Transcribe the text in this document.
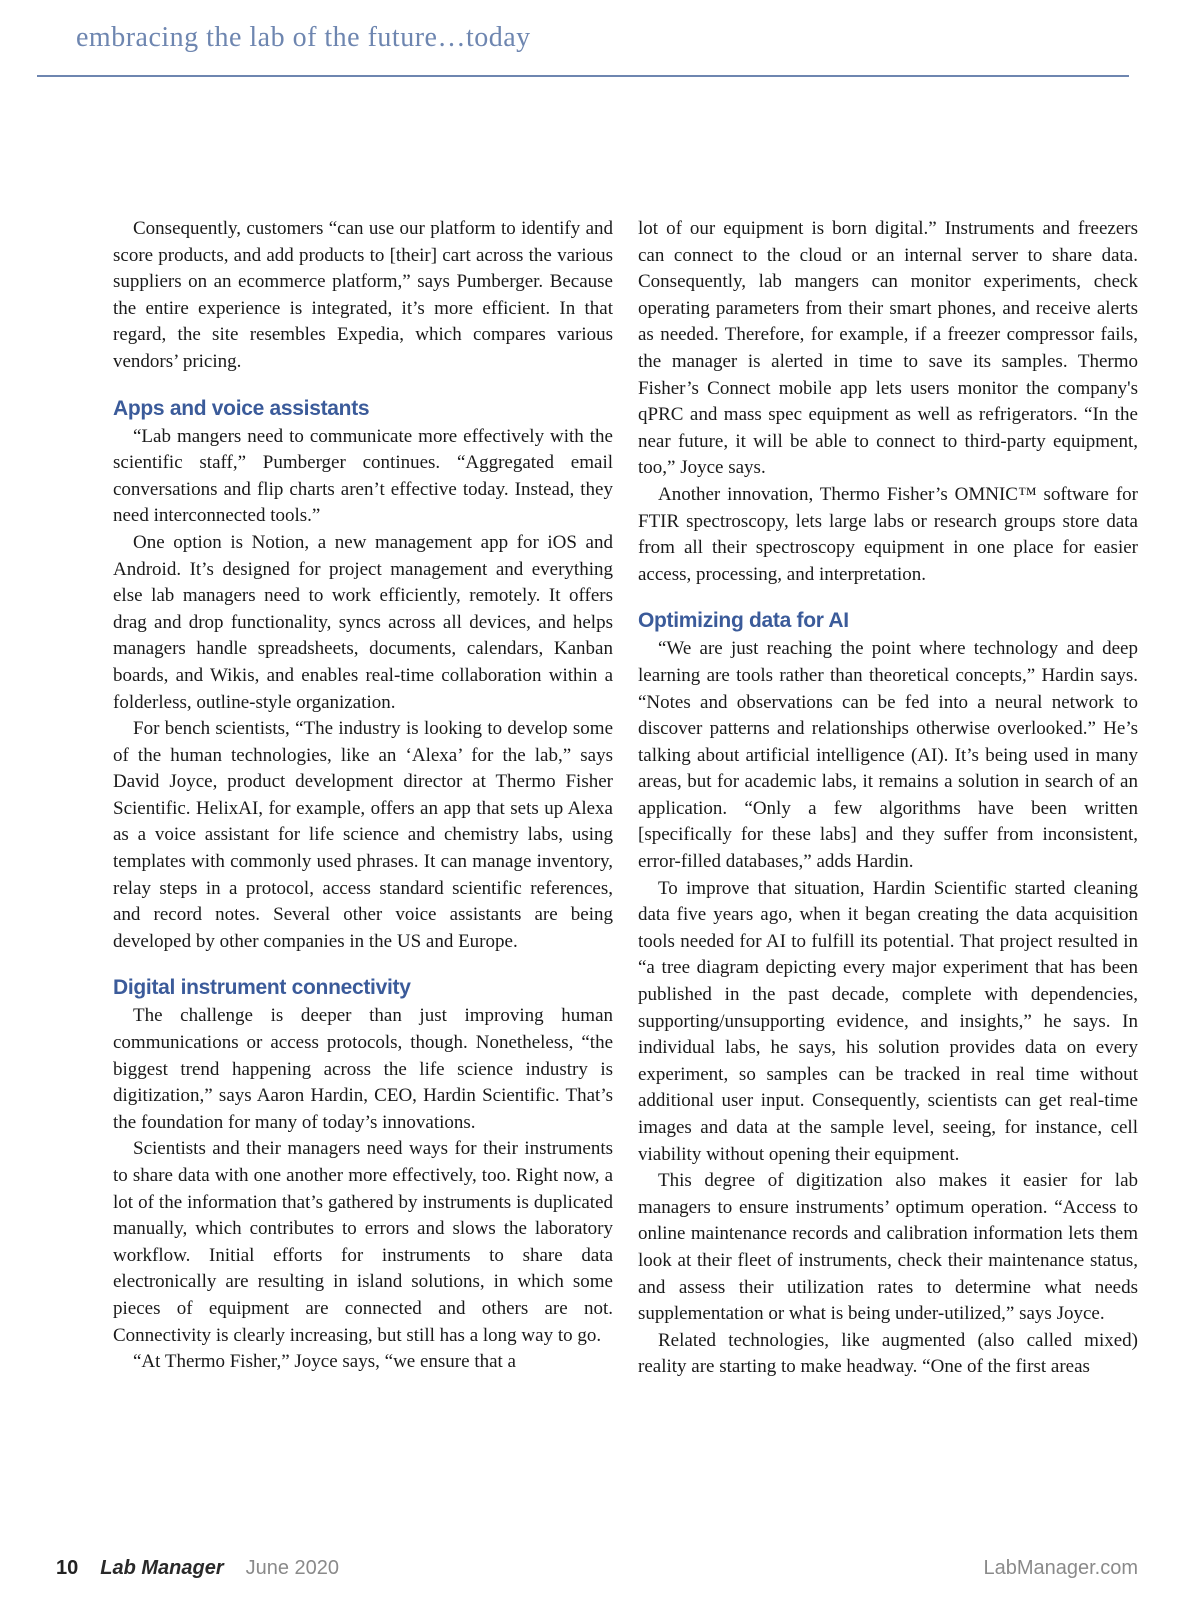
embracing the lab of the future…today

Consequently, customers “can use our platform to identify and score products, and add products to [their] cart across the various suppliers on an ecommerce platform,” says Pumberger. Because the entire experience is integrated, it’s more efficient. In that regard, the site resembles Expedia, which compares various vendors’ pricing.

Apps and voice assistants

“Lab mangers need to communicate more effectively with the scientific staff,” Pumberger continues. “Aggregated email conversations and flip charts aren’t effective today. Instead, they need interconnected tools.”

One option is Notion, a new management app for iOS and Android. It’s designed for project management and everything else lab managers need to work efficiently, remotely. It offers drag and drop functionality, syncs across all devices, and helps managers handle spreadsheets, documents, calendars, Kanban boards, and Wikis, and enables real-time collaboration within a folderless, outline-style organization.

For bench scientists, “The industry is looking to develop some of the human technologies, like an ‘Alexa’ for the lab,” says David Joyce, product development director at Thermo Fisher Scientific. HelixAI, for example, offers an app that sets up Alexa as a voice assistant for life science and chemistry labs, using templates with commonly used phrases. It can manage inventory, relay steps in a protocol, access standard scientific references, and record notes. Several other voice assistants are being developed by other companies in the US and Europe.

Digital instrument connectivity

The challenge is deeper than just improving human communications or access protocols, though. Nonetheless, “the biggest trend happening across the life science industry is digitization,” says Aaron Hardin, CEO, Hardin Scientific. That’s the foundation for many of today’s innovations.

Scientists and their managers need ways for their instruments to share data with one another more effectively, too. Right now, a lot of the information that’s gathered by instruments is duplicated manually, which contributes to errors and slows the laboratory workflow. Initial efforts for instruments to share data electronically are resulting in island solutions, in which some pieces of equipment are connected and others are not. Connectivity is clearly increasing, but still has a long way to go.

“At Thermo Fisher,” Joyce says, “we ensure that a

lot of our equipment is born digital.” Instruments and freezers can connect to the cloud or an internal server to share data. Consequently, lab mangers can monitor experiments, check operating parameters from their smart phones, and receive alerts as needed. Therefore, for example, if a freezer compressor fails, the manager is alerted in time to save its samples. Thermo Fisher’s Connect mobile app lets users monitor the company's qPRC and mass spec equipment as well as refrigerators. “In the near future, it will be able to connect to third-party equipment, too,” Joyce says.

Another innovation, Thermo Fisher’s OMNIC™ software for FTIR spectroscopy, lets large labs or research groups store data from all their spectroscopy equipment in one place for easier access, processing, and interpretation.

Optimizing data for AI

“We are just reaching the point where technology and deep learning are tools rather than theoretical concepts,” Hardin says. “Notes and observations can be fed into a neural network to discover patterns and relationships otherwise overlooked.” He’s talking about artificial intelligence (AI). It’s being used in many areas, but for academic labs, it remains a solution in search of an application. “Only a few algorithms have been written [specifically for these labs] and they suffer from inconsistent, error-filled databases,” adds Hardin.

To improve that situation, Hardin Scientific started cleaning data five years ago, when it began creating the data acquisition tools needed for AI to fulfill its potential. That project resulted in “a tree diagram depicting every major experiment that has been published in the past decade, complete with dependencies, supporting/unsupporting evidence, and insights,” he says. In individual labs, he says, his solution provides data on every experiment, so samples can be tracked in real time without additional user input. Consequently, scientists can get real-time images and data at the sample level, seeing, for instance, cell viability without opening their equipment.

This degree of digitization also makes it easier for lab managers to ensure instruments’ optimum operation. “Access to online maintenance records and calibration information lets them look at their fleet of instruments, check their maintenance status, and assess their utilization rates to determine what needs supplementation or what is being under-utilized,” says Joyce.

Related technologies, like augmented (also called mixed) reality are starting to make headway. “One of the first areas

10 Lab Manager June 2020	LabManager.com
